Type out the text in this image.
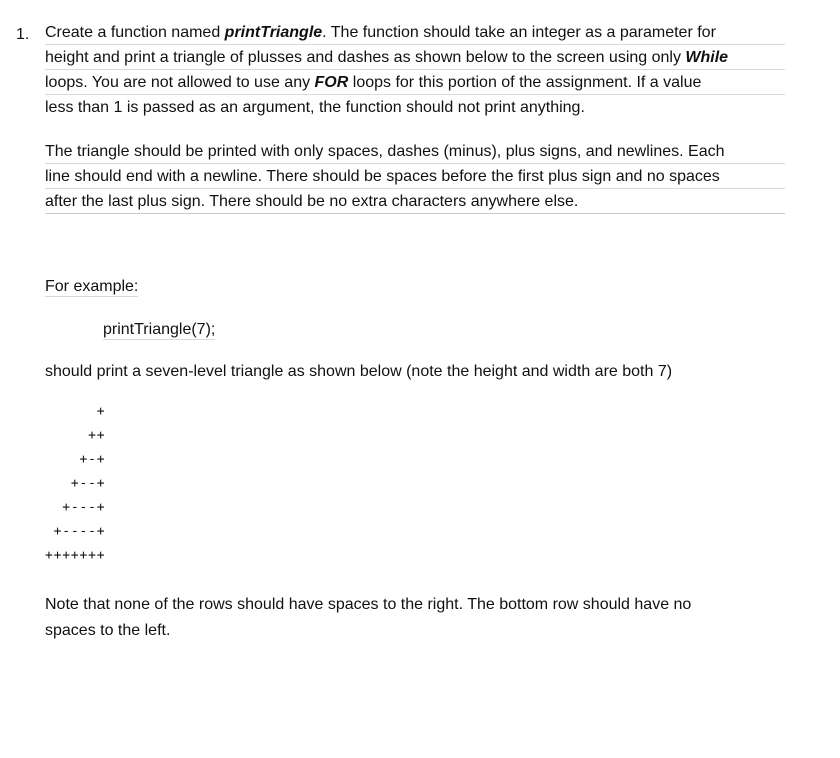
1. Create a function named printTriangle. The function should take an integer as a parameter for
height and print a triangle of plusses and dashes as shown below to the screen using only While
loops. You are not allowed to use any FOR loops for this portion of the assignment. If a value
less than 1 is passed as an argument, the function should not print anything.
The triangle should be printed with only spaces, dashes (minus), plus signs, and newlines. Each
line should end with a newline. There should be spaces before the first plus sign and no spaces
after the last plus sign. There should be no extra characters anywhere else.
For example:
printTriangle(7);
should print a seven-level triangle as shown below (note the height and width are both 7)
+
++
+-+
+--+
+---+
+----+
+++++++
Note that none of the rows should have spaces to the right. The bottom row should have no
spaces to the left.
